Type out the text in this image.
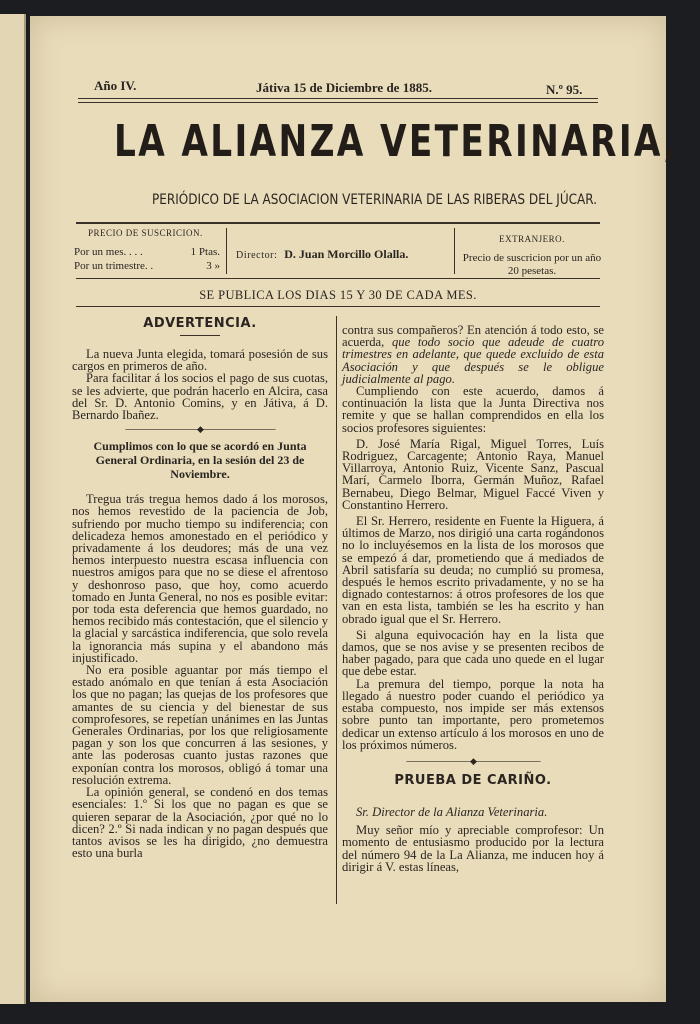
Año IV.	Játiva 15 de Diciembre de 1885.	N.º 95.
LA ALIANZA VETERINARIA,
PERIÓDICO DE LA ASOCIACION VETERINARIA DE LAS RIBERAS DEL JÚCAR.
PRECIO DE SUSCRICION.
Por un mes. . . .	1 Ptas.
Por un trimestre. .	3 »
Director: D. Juan Morcillo Olalla.
EXTRANJERO.
Precio de suscricion por un año 20 pesetas.
SE PUBLICA LOS DIAS 15 Y 30 DE CADA MES.
ADVERTENCIA.

La nueva Junta elegida, tomará posesión de sus cargos en primeros de año.

Para facilitar á los socios el pago de sus cuotas, se les advierte, que podrán hacerlo en Alcira, casa del Sr. D. Antonio Comins, y en Játiva, á D. Bernardo Ibañez.

—————————◆—————————
Cumplimos con lo que se acordó en Junta General Ordinaria, en la sesión del 23 de Noviembre.

Tregua trás tregua hemos dado á los morosos, nos hemos revestido de la paciencia de Job, sufriendo por mucho tiempo su indiferencia; con delicadeza hemos amonestado en el periódico y privadamente á los deudores; más de una vez hemos interpuesto nuestra escasa influencia con nuestros amigos para que no se diese el afrentoso y deshonroso paso, que hoy, como acuerdo tomado en Junta General, no nos es posible evitar: por toda esta deferencia que hemos guardado, no hemos recibido más contestación, que el silencio y la glacial y sarcástica indiferencia, que solo revela la ignorancia más supina y el abandono más injustificado.

No era posible aguantar por más tiempo el estado anómalo en que tenían á esta Asociación los que no pagan; las quejas de los profesores que amantes de su ciencia y del bienestar de sus comprofesores, se repetían unánimes en las Juntas Generales Ordinarias, por los que religiosamente pagan y son los que concurren á las sesiones, y ante las poderosas cuanto justas razones que exponían contra los morosos, obligó á tomar una resolución extrema.

La opinión general, se condenó en dos temas esenciales: 1.º Si los que no pagan es que se quieren separar de la Asociación, ¿por qué no lo dicen? 2.º Si nada indican y no pagan después que tantos avisos se les ha dirigido, ¿no demuestra esto una burla

contra sus compañeros? En atención á todo esto, se acuerda, que todo socio que adeude de cuatro trimestres en adelante, que quede excluido de esta Asociación y que después se le obligue judicialmente al pago.

Cumpliendo con este acuerdo, damos á continuación la lista que la Junta Directiva nos remite y que se hallan comprendidos en ella los socios profesores siguientes:

D. José María Rigal, Miguel Torres, Luís Rodriguez, Carcagente; Antonio Raya, Manuel Villarroya, Antonio Ruiz, Vicente Sanz, Pascual Marí, Carmelo Iborra, Germán Muñoz, Rafael Bernabeu, Diego Belmar, Miguel Faccé Viven y Constantino Herrero.

El Sr. Herrero, residente en Fuente la Higuera, á últimos de Marzo, nos dirigió una carta rogándonos no lo incluyésemos en la lista de los morosos que se empezó á dar, prometiendo que á mediados de Abril satisfaría su deuda; no cumplió su promesa, después le hemos escrito privadamente, y no se ha dignado contestarnos: á otros profesores de los que van en esta lista, también se les ha escrito y han obrado igual que el Sr. Herrero.

Si alguna equivocación hay en la lista que damos, que se nos avise y se presenten recibos de haber pagado, para que cada uno quede en el lugar que debe estar.

La premura del tiempo, porque la nota ha llegado á nuestro poder cuando el periódico ya estaba compuesto, nos impide ser más extensos sobre punto tan importante, pero prometemos dedicar un extenso artículo á los morosos en uno de los próximos números.

————————◆————————
PRUEBA DE CARIÑO.

Sr. Director de la Alianza Veterinaria.

Muy señor mío y apreciable comprofesor: Un momento de entusiasmo producido por la lectura del número 94 de la La Alianza, me inducen hoy á dirigir á V. estas líneas,
